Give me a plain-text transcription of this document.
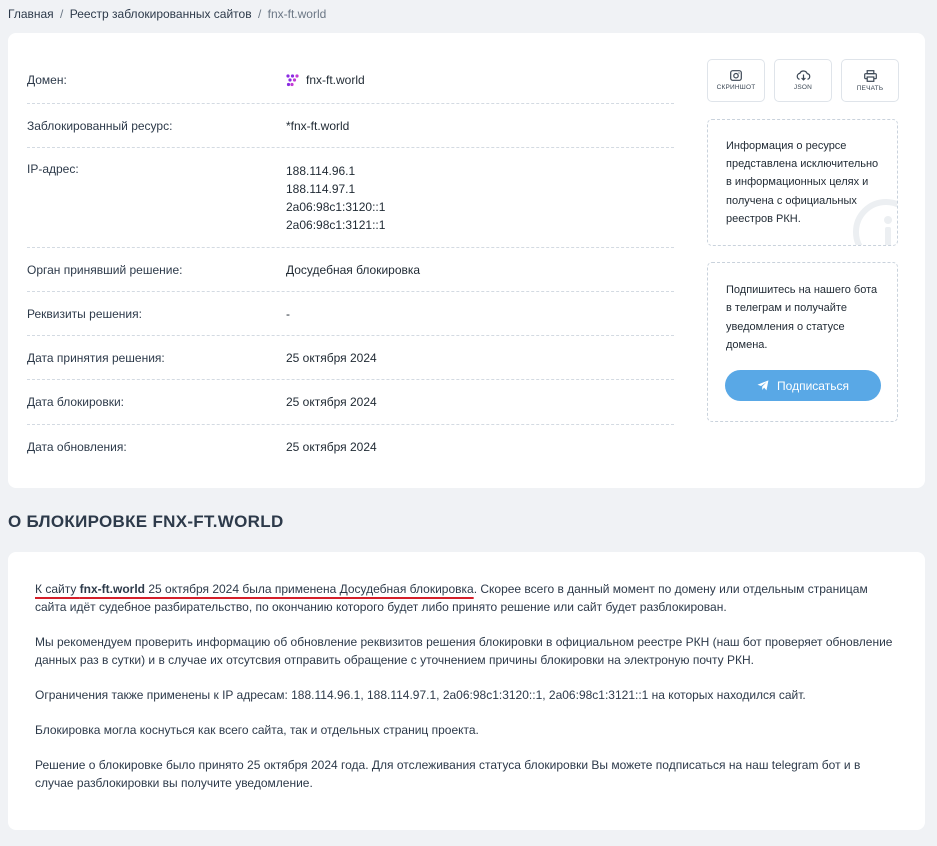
Главная / Реестр заблокированных сайтов / fnx-ft.world
Домен:	fnx-ft.world
Заблокированный ресурс:	*fnx-ft.world
IP-адрес:	188.114.96.1
188.114.97.1
2a06:98c1:3120::1
2a06:98c1:3121::1
Орган принявший решение:	Досудебная блокировка
Реквизиты решения:	-
Дата принятия решения:	25 октября 2024
Дата блокировки:	25 октября 2024
Дата обновления:	25 октября 2024
СКРИНШОТ	JSON	ПЕЧАТЬ
Информация о ресурсе представлена исключительно в информационных целях и получена с официальных реестров РКН.

Подпишитесь на нашего бота в телеграм и получайте уведомления о статусе домена.

Подписаться
О БЛОКИРОВКЕ FNX-FT.WORLD

К сайту fnx-ft.world 25 октября 2024 была применена Досудебная блокировка. Скорее всего в данный момент по домену или отдельным страницам сайта идёт судебное разбирательство, по окончанию которого будет либо принято решение или сайт будет разблокирован.

Мы рекомендуем проверить информацию об обновление реквизитов решения блокировки в официальном реестре РКН (наш бот проверяет обновление данных раз в сутки) и в случае их отсутсвия отправить обращение с уточнением причины блокировки на электроную почту РКН.

Ограничения также применены к IP адресам: 188.114.96.1, 188.114.97.1, 2a06:98c1:3120::1, 2a06:98c1:3121::1 на которых находился сайт.

Блокировка могла коснуться как всего сайта, так и отдельных страниц проекта.

Решение о блокировке было принято 25 октября 2024 года. Для отслеживания статуса блокировки Вы можете подписаться на наш telegram бот и в случае разблокировки вы получите уведомление.
